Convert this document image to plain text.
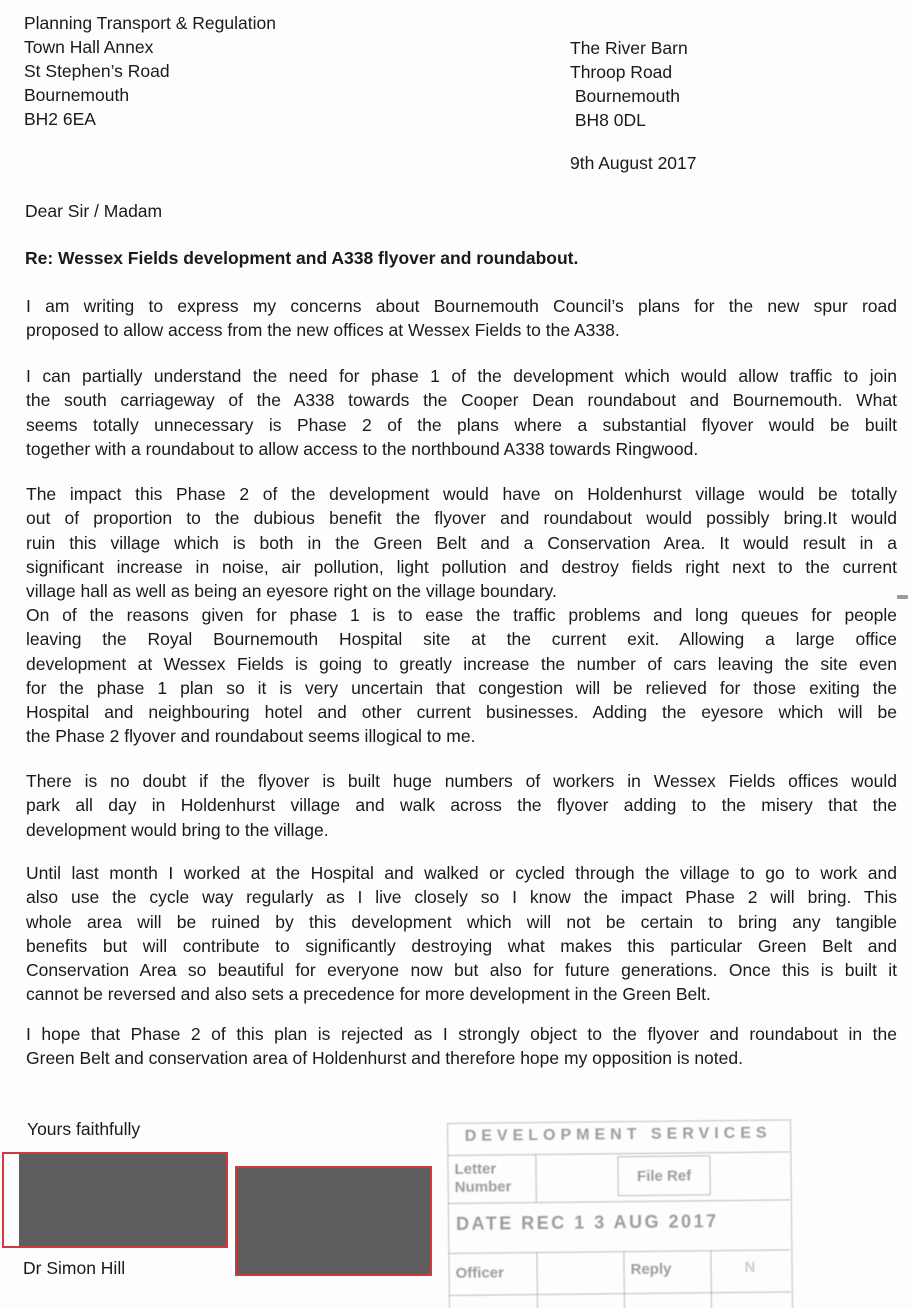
Planning Transport & Regulation
Town Hall Annex
St Stephen’s Road
Bournemouth
BH2 6EA
The River Barn
Throop Road
Bournemouth
BH8 0DL
9th August 2017
Dear Sir / Madam
Re: Wessex Fields development and A338 flyover and roundabout.
I am writing to express my concerns about Bournemouth Council’s plans for the new spur road
proposed to allow access from the new offices at Wessex Fields to the A338.
I can partially understand the need for phase 1 of the development which would allow traffic to join
the south carriageway of the A338 towards the Cooper Dean roundabout and Bournemouth. What
seems totally unnecessary is Phase 2 of the plans where a substantial flyover would be built
together with a roundabout to allow access to the northbound A338 towards Ringwood.
The impact this Phase 2 of the development would have on Holdenhurst village would be totally
out of proportion to the dubious benefit the flyover and roundabout would possibly bring.It would
ruin this village which is both in the Green Belt and a Conservation Area. It would result in a
significant increase in noise, air pollution, light pollution and destroy fields right next to the current
village hall as well as being an eyesore right on the village boundary.
On of the reasons given for phase 1 is to ease the traffic problems and long queues for people
leaving the Royal Bournemouth Hospital site at the current exit. Allowing a large office
development at Wessex Fields is going to greatly increase the number of cars leaving the site even
for the phase 1 plan so it is very uncertain that congestion will be relieved for those exiting the
Hospital and neighbouring hotel and other current businesses. Adding the eyesore which will be
the Phase 2 flyover and roundabout seems illogical to me.
There is no doubt if the flyover is built huge numbers of workers in Wessex Fields offices would
park all day in Holdenhurst village and walk across the flyover adding to the misery that the
development would bring to the village.
Until last month I worked at the Hospital and walked or cycled through the village to go to work and
also use the cycle way regularly as I live closely so I know the impact Phase 2 will bring. This
whole area will be ruined by this development which will not be certain to bring any tangible
benefits but will contribute to significantly destroying what makes this particular Green Belt and
Conservation Area so beautiful for everyone now but also for future generations. Once this is built it
cannot be reversed and also sets a precedence for more development in the Green Belt.
I hope that Phase 2 of this plan is rejected as I strongly object to the flyover and roundabout in the
Green Belt and conservation area of Holdenhurst and therefore hope my opposition is noted.
Yours faithfully
Dr Simon Hill
DEVELOPMENT SERVICES
Letter Number
File Ref
DATE REC 1 3 AUG 2017
Officer	Reply	N
